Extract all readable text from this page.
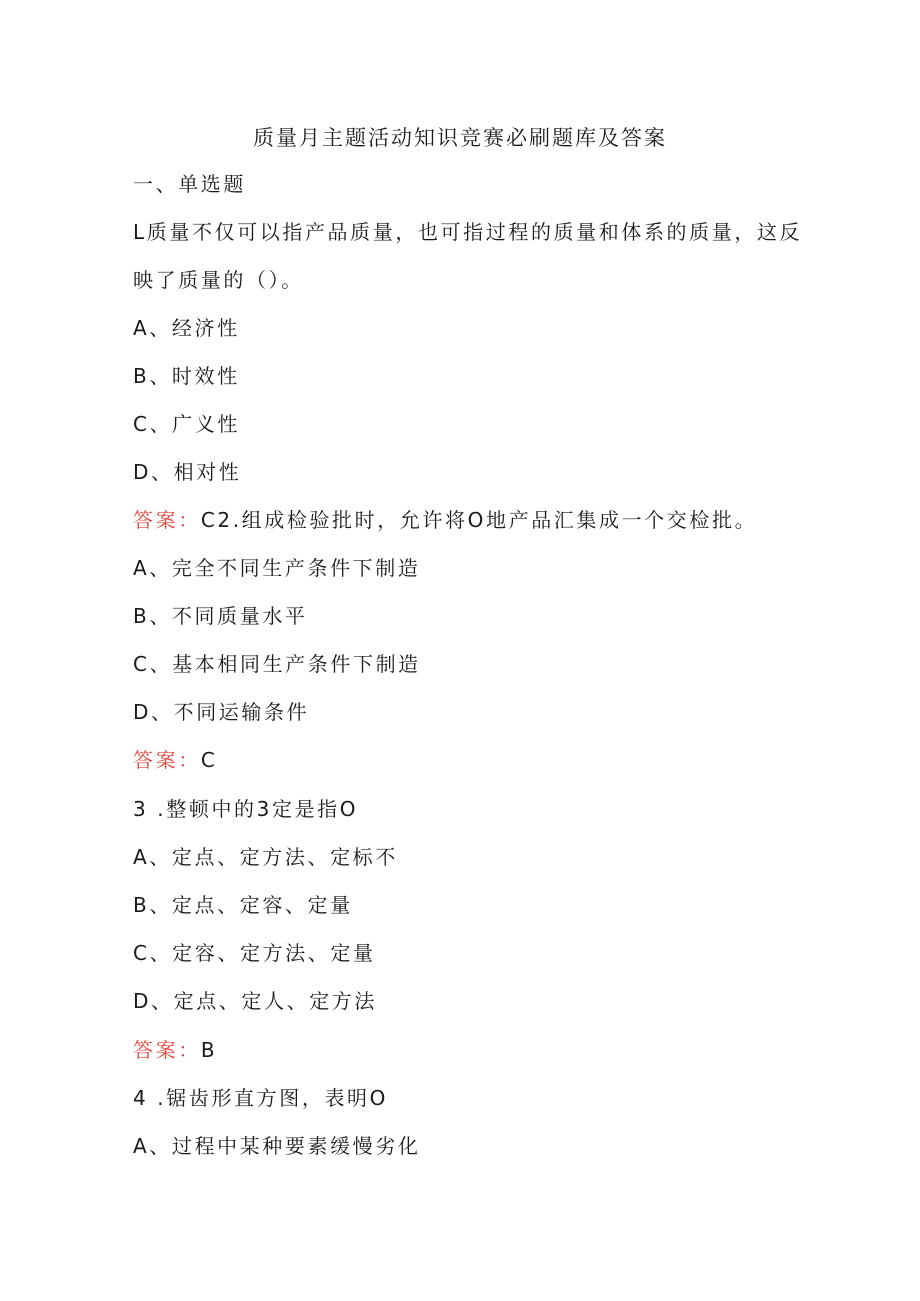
质量月主题活动知识竞赛必刷题库及答案
一、单选题
L质量不仅可以指产品质量，也可指过程的质量和体系的质量，这反
映了质量的（）。
A、经济性
B、时效性
C、广义性
D、相对性
答案：C2.组成检验批时，允许将O地产品汇集成一个交检批。
A、完全不同生产条件下制造
B、不同质量水平
C、基本相同生产条件下制造
D、不同运输条件
答案：C
3 .整顿中的3定是指O
A、定点、定方法、定标不
B、定点、定容、定量
C、定容、定方法、定量
D、定点、定人、定方法
答案：B
4 .锯齿形直方图，表明O
A、过程中某种要素缓慢劣化
